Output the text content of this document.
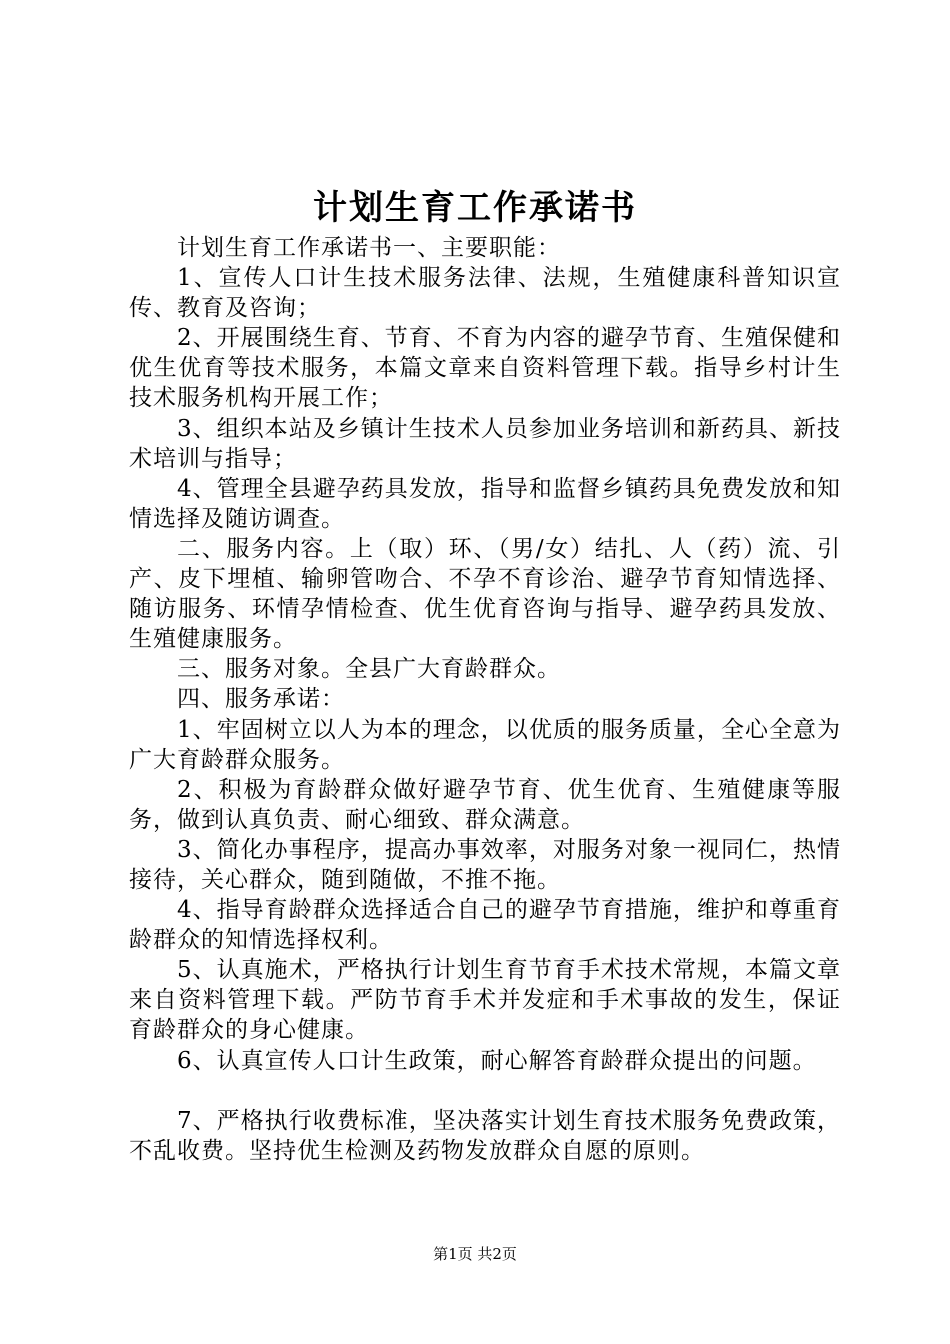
计划生育工作承诺书

计划生育工作承诺书一、主要职能：

1、宣传人口计生技术服务法律、法规，生殖健康科普知识宣传、教育及咨询；

2、开展围绕生育、节育、不育为内容的避孕节育、生殖保健和优生优育等技术服务，本篇文章来自资料管理下载。指导乡村计生技术服务机构开展工作；

3、组织本站及乡镇计生技术人员参加业务培训和新药具、新技术培训与指导；

4、管理全县避孕药具发放，指导和监督乡镇药具免费发放和知情选择及随访调查。

二、服务内容。上（取）环、（男/女）结扎、人（药）流、引产、皮下埋植、输卵管吻合、不孕不育诊治、避孕节育知情选择、随访服务、环情孕情检查、优生优育咨询与指导、避孕药具发放、生殖健康服务。

三、服务对象。全县广大育龄群众。

四、服务承诺：

1、牢固树立以人为本的理念，以优质的服务质量，全心全意为广大育龄群众服务。

2、积极为育龄群众做好避孕节育、优生优育、生殖健康等服务，做到认真负责、耐心细致、群众满意。

3、简化办事程序，提高办事效率，对服务对象一视同仁，热情接待，关心群众，随到随做，不推不拖。

4、指导育龄群众选择适合自己的避孕节育措施，维护和尊重育龄群众的知情选择权利。

5、认真施术，严格执行计划生育节育手术技术常规，本篇文章来自资料管理下载。严防节育手术并发症和手术事故的发生，保证育龄群众的身心健康。

6、认真宣传人口计生政策，耐心解答育龄群众提出的问题。

7、严格执行收费标准，坚决落实计划生育技术服务免费政策，不乱收费。坚持优生检测及药物发放群众自愿的原则。

第1页 共2页
